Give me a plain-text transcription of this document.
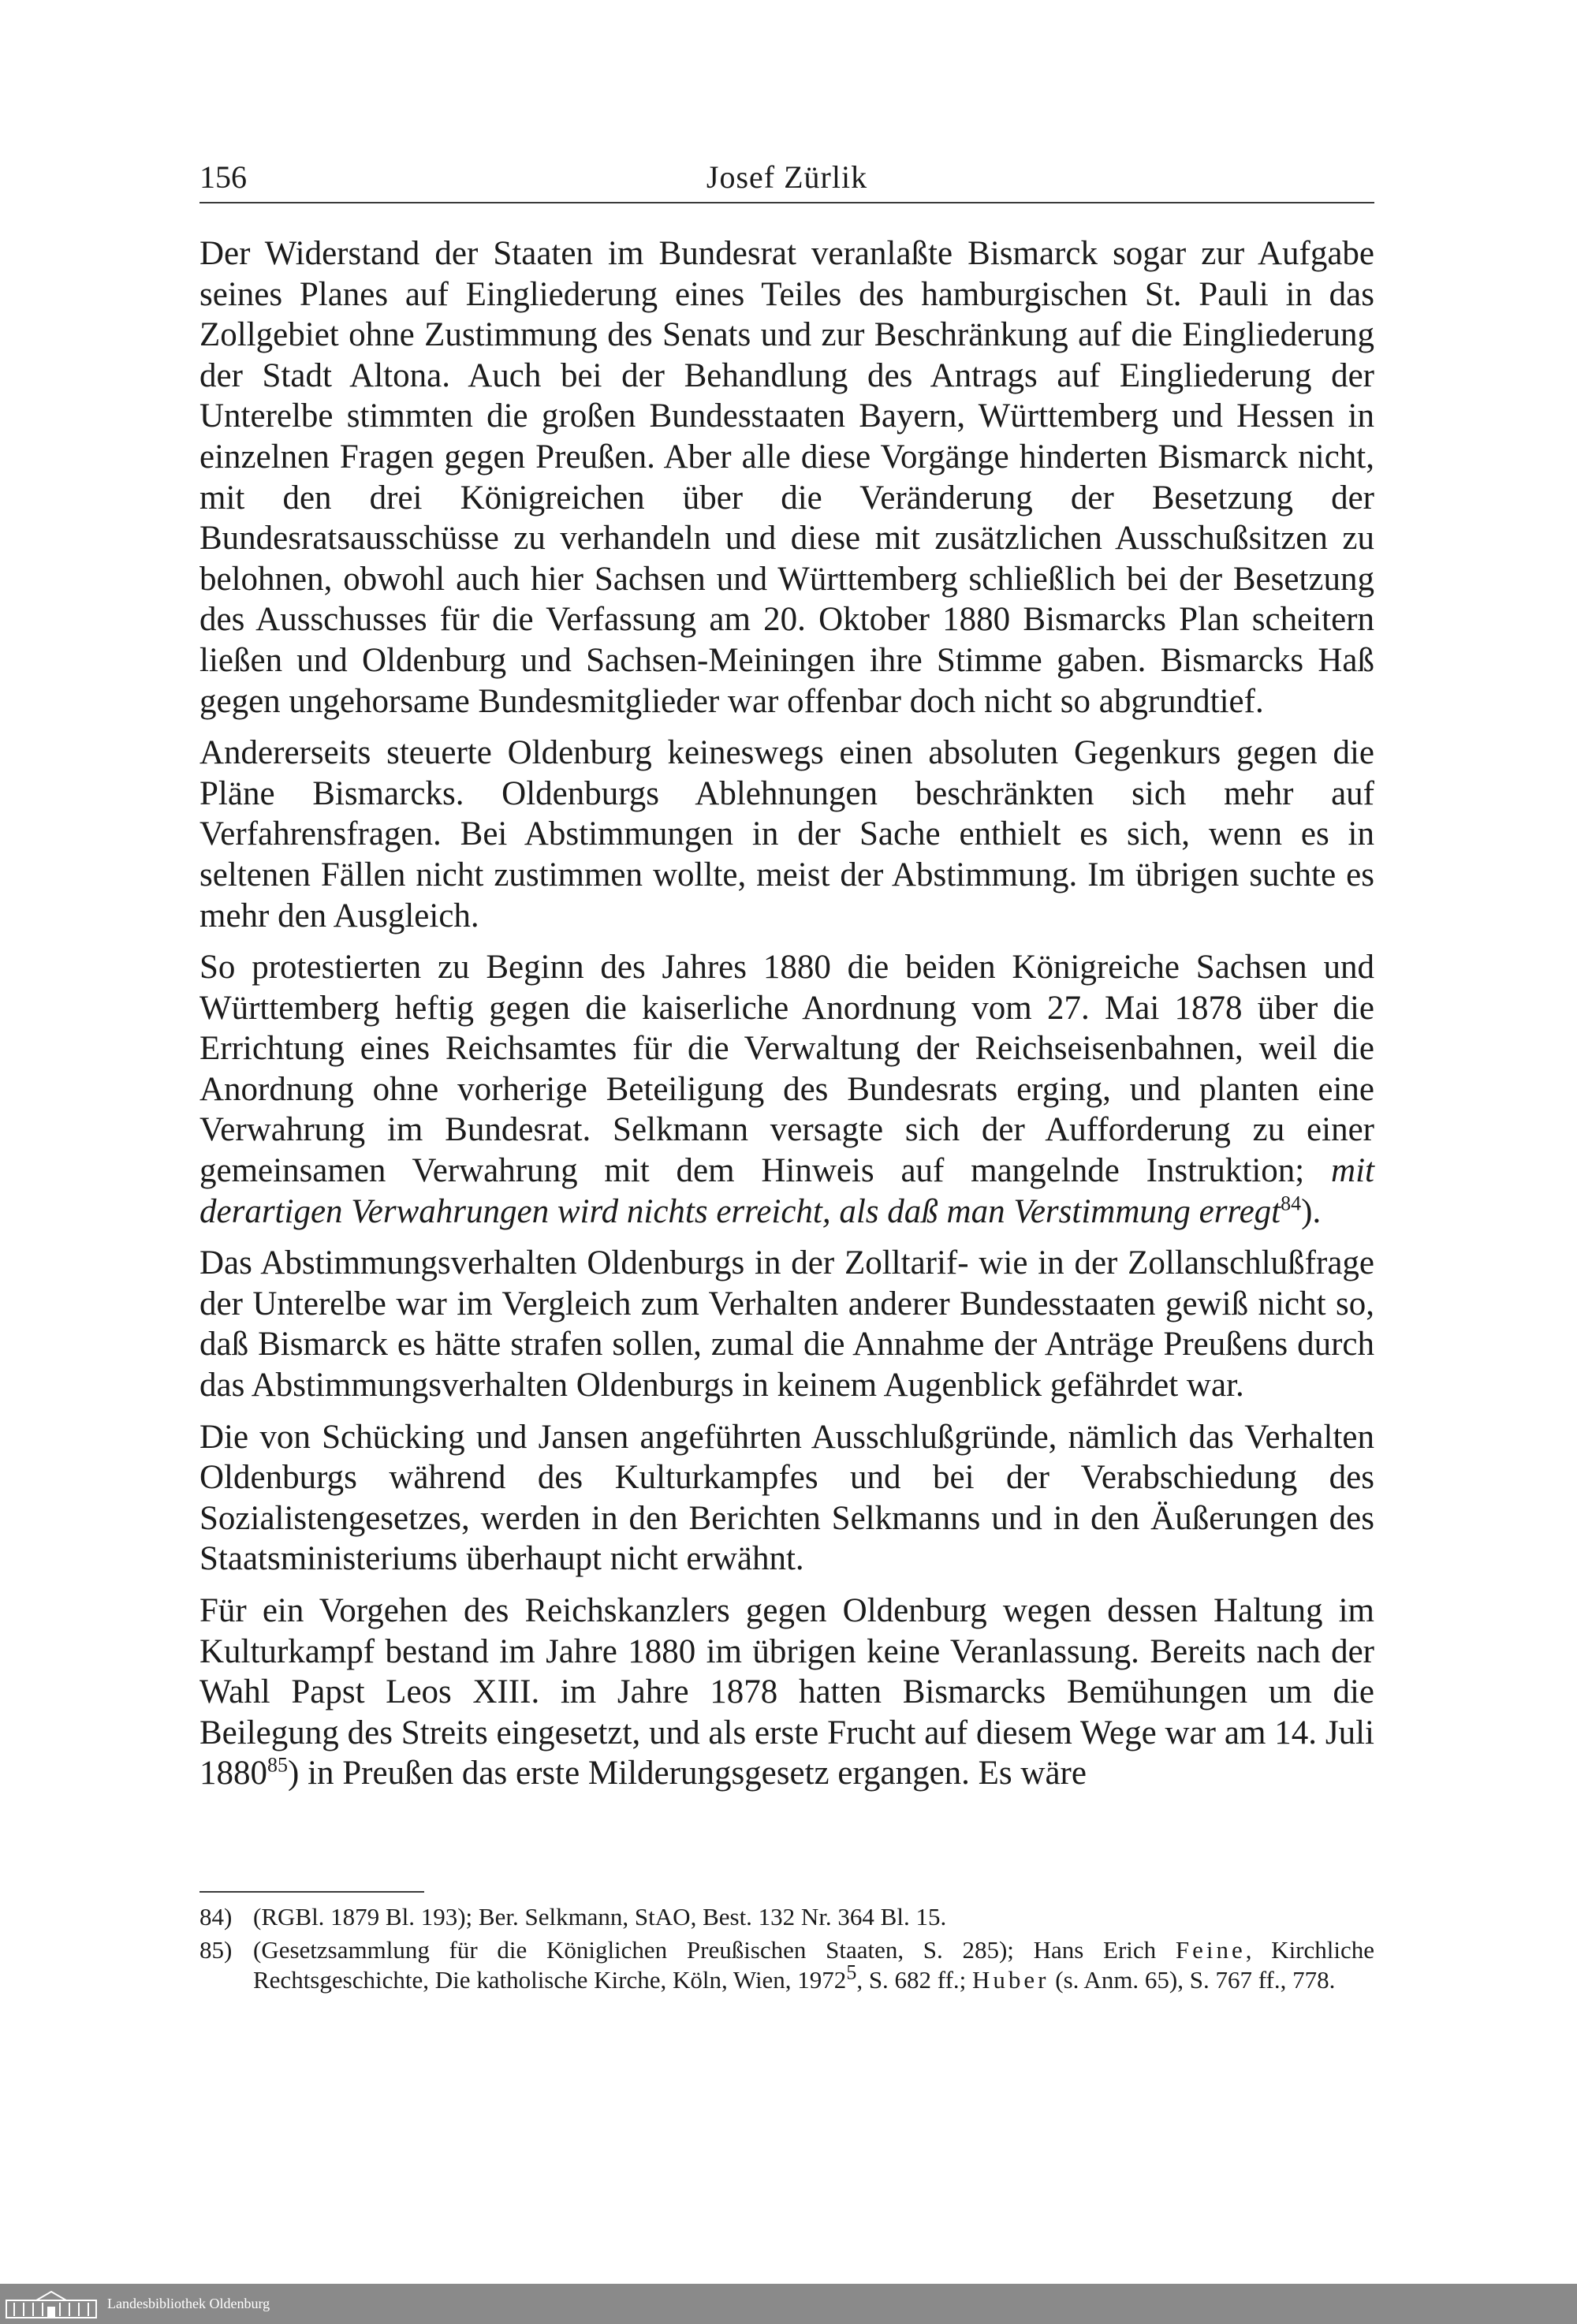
156	Josef Zürlik

Der Widerstand der Staaten im Bundesrat veranlaßte Bismarck sogar zur Aufgabe seines Planes auf Eingliederung eines Teiles des hamburgischen St. Pauli in das Zollgebiet ohne Zustimmung des Senats und zur Beschränkung auf die Eingliederung der Stadt Altona. Auch bei der Behandlung des Antrags auf Eingliederung der Unterelbe stimmten die großen Bundesstaaten Bayern, Württemberg und Hessen in einzelnen Fragen gegen Preußen. Aber alle diese Vorgänge hinderten Bismarck nicht, mit den drei Königreichen über die Veränderung der Besetzung der Bundesratsausschüsse zu verhandeln und diese mit zusätzlichen Ausschußsitzen zu belohnen, obwohl auch hier Sachsen und Württemberg schließlich bei der Besetzung des Ausschusses für die Verfassung am 20. Oktober 1880 Bismarcks Plan scheitern ließen und Oldenburg und Sachsen-Meiningen ihre Stimme gaben. Bismarcks Haß gegen ungehorsame Bundesmitglieder war offenbar doch nicht so abgrundtief.

Andererseits steuerte Oldenburg keineswegs einen absoluten Gegenkurs gegen die Pläne Bismarcks. Oldenburgs Ablehnungen beschränkten sich mehr auf Verfahrensfragen. Bei Abstimmungen in der Sache enthielt es sich, wenn es in seltenen Fällen nicht zustimmen wollte, meist der Abstimmung. Im übrigen suchte es mehr den Ausgleich.

So protestierten zu Beginn des Jahres 1880 die beiden Königreiche Sachsen und Württemberg heftig gegen die kaiserliche Anordnung vom 27. Mai 1878 über die Errichtung eines Reichsamtes für die Verwaltung der Reichseisenbahnen, weil die Anordnung ohne vorherige Beteiligung des Bundesrats erging, und planten eine Verwahrung im Bundesrat. Selkmann versagte sich der Aufforderung zu einer gemeinsamen Verwahrung mit dem Hinweis auf mangelnde Instruktion; mit derartigen Verwahrungen wird nichts erreicht, als daß man Verstimmung erregt$^{84}$).

Das Abstimmungsverhalten Oldenburgs in der Zolltarif- wie in der Zollanschlußfrage der Unterelbe war im Vergleich zum Verhalten anderer Bundesstaaten gewiß nicht so, daß Bismarck es hätte strafen sollen, zumal die Annahme der Anträge Preußens durch das Abstimmungsverhalten Oldenburgs in keinem Augenblick gefährdet war.

Die von Schücking und Jansen angeführten Ausschlußgründe, nämlich das Verhalten Oldenburgs während des Kulturkampfes und bei der Verabschiedung des Sozialistengesetzes, werden in den Berichten Selkmanns und in den Äußerungen des Staatsministeriums überhaupt nicht erwähnt.

Für ein Vorgehen des Reichskanzlers gegen Oldenburg wegen dessen Haltung im Kulturkampf bestand im Jahre 1880 im übrigen keine Veranlassung. Bereits nach der Wahl Papst Leos XIII. im Jahre 1878 hatten Bismarcks Bemühungen um die Beilegung des Streits eingesetzt, und als erste Frucht auf diesem Wege war am 14. Juli 1880$^{85}$) in Preußen das erste Milderungsgesetz ergangen. Es wäre

84) (RGBl. 1879 Bl. 193); Ber. Selkmann, StAO, Best. 132 Nr. 364 Bl. 15.

85) (Gesetzsammlung für die Königlichen Preußischen Staaten, S. 285); Hans Erich Feine, Kirchliche Rechtsgeschichte, Die katholische Kirche, Köln, Wien, 1972$^5$, S. 682 ff.; Huber (s. Anm. 65), S. 767 ff., 778.

Landesbibliothek Oldenburg
